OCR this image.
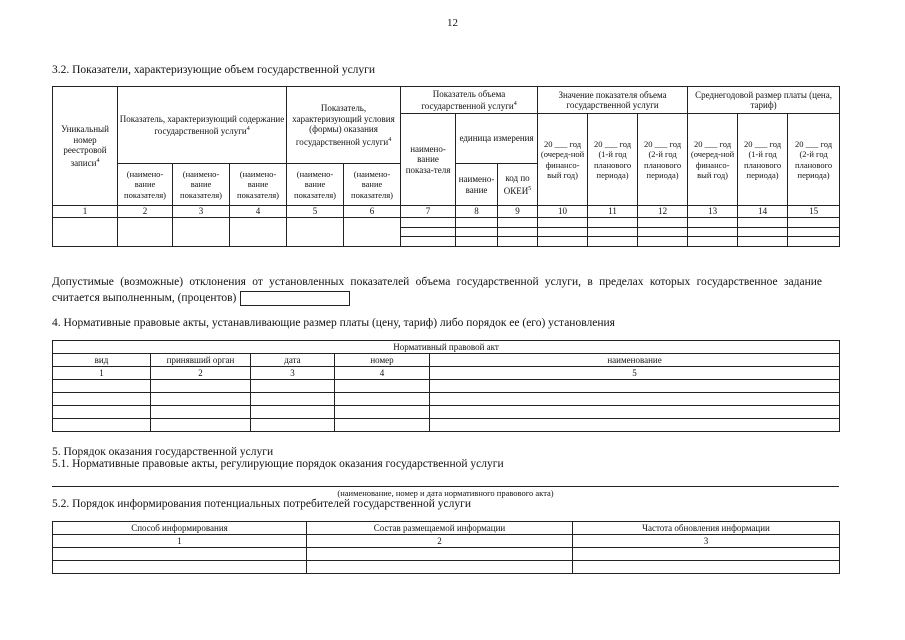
12
3.2. Показатели, характеризующие объем государственной услуги
Уникальный номер реестровой записи$^4$	Показатель, характеризующий содержание государственной услуги$^4$			Показатель, характеризующий условия (формы) оказания государственной услуги$^4$		Показатель объема государственной услуги$^4$			Значение показателя объема государственной услуги			Среднегодовой размер платы (цена, тариф)		
						наимено-вание показа-теля	единица измерения		20 ___ год (очеред-ной финансо-вый год)	20 ___ год (1-й год планового периода)	20 ___ год (2-й год планового периода)	20 ___ год (очеред-ной финансо-вый год)	20 ___ год (1-й год планового периода)	20 ___ год (2-й год планового периода)
	(наимено-вание показателя)	(наимено-вание показателя)	(наимено-вание показателя)	(наимено-вание показателя)	(наимено-вание показателя)		наимено-вание	код по ОКЕИ$^5$
1	2	3	4	5	6	7	8	9	10	11	12	13	14	15

Допустимые (возможные) отклонения от установленных показателей объема государственной услуги, в пределах которых государственное задание считается выполненным, (процентов)
4. Нормативные правовые акты, устанавливающие размер платы (цену, тариф) либо порядок ее (его) установления
Нормативный правовой акт				
вид	принявший орган	дата	номер	наименование
1	2	3	4	5

5. Порядок оказания государственной услуги
5.1. Нормативные правовые акты, регулирующие порядок оказания государственной услуги
(наименование, номер и дата нормативного правового акта)
5.2. Порядок информирования потенциальных потребителей государственной услуги
Способ информирования	Состав размещаемой информации	Частота обновления информации
1	2	3
